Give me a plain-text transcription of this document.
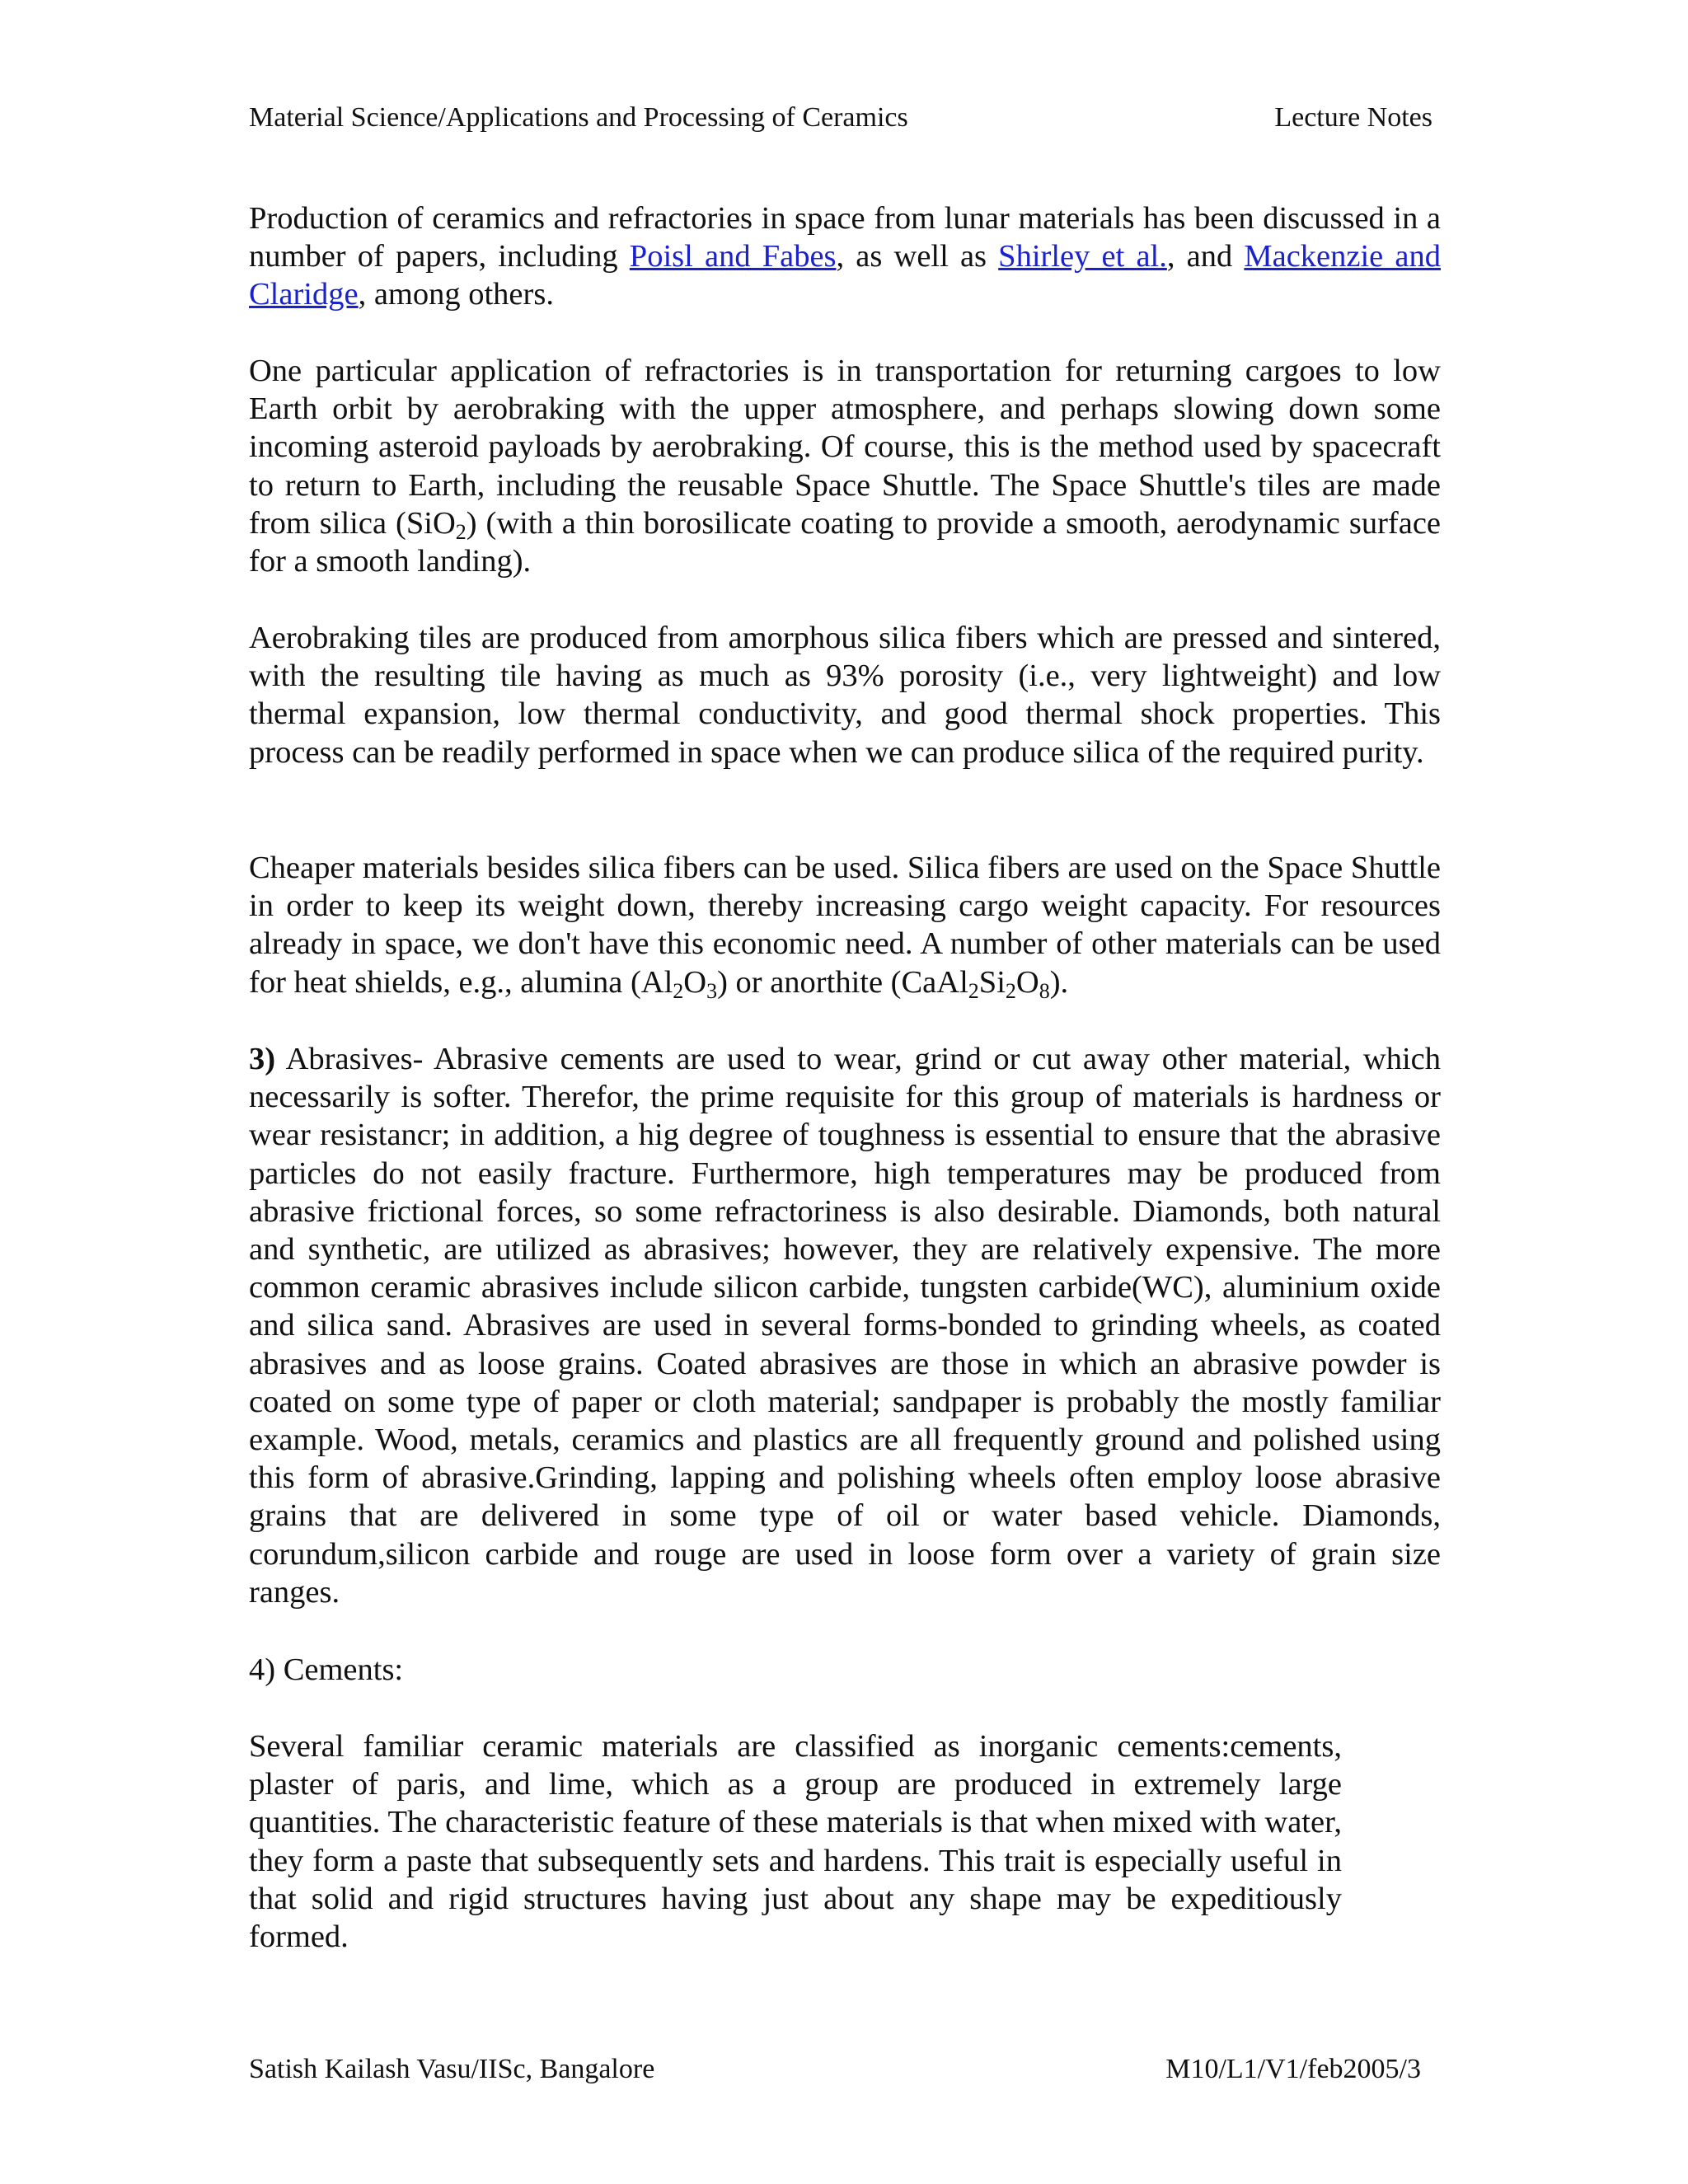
Material Science/Applications and Processing of Ceramics	Lecture Notes

Production of ceramics and refractories in space from lunar materials has been discussed in a number of papers, including Poisl and Fabes, as well as Shirley et al., and Mackenzie and Claridge, among others.

One particular application of refractories is in transportation for returning cargoes to low Earth orbit by aerobraking with the upper atmosphere, and perhaps slowing down some incoming asteroid payloads by aerobraking. Of course, this is the method used by spacecraft to return to Earth, including the reusable Space Shuttle. The Space Shuttle's tiles are made from silica (SiO$_2$) (with a thin borosilicate coating to provide a smooth, aerodynamic surface for a smooth landing).

Aerobraking tiles are produced from amorphous silica fibers which are pressed and sintered, with the resulting tile having as much as 93% porosity (i.e., very lightweight) and low thermal expansion, low thermal conductivity, and good thermal shock properties. This process can be readily performed in space when we can produce silica of the required purity.

Cheaper materials besides silica fibers can be used. Silica fibers are used on the Space Shuttle in order to keep its weight down, thereby increasing cargo weight capacity. For resources already in space, we don't have this economic need. A number of other materials can be used for heat shields, e.g., alumina $(Al_2O_3)$ or anorthite $(CaAl_2Si_2O_8)$.

3) Abrasives- Abrasive cements are used to wear, grind or cut away other material, which necessarily is softer. Therefor, the prime requisite for this group of materials is hardness or wear resistancr; in addition, a hig degree of toughness is essential to ensure that the abrasive particles do not easily fracture. Furthermore, high temperatures may be produced from abrasive frictional forces, so some refractoriness is also desirable. Diamonds, both natural and synthetic, are utilized as abrasives; however, they are relatively expensive. The more common ceramic abrasives include silicon carbide, tungsten carbide(WC), aluminium oxide and silica sand. Abrasives are used in several forms-bonded to grinding wheels, as coated abrasives and as loose grains. Coated abrasives are those in which an abrasive powder is coated on some type of paper or cloth material; sandpaper is probably the mostly familiar example. Wood, metals, ceramics and plastics are all frequently ground and polished using this form of abrasive.Grinding, lapping and polishing wheels often employ loose abrasive grains that are delivered in some type of oil or water based vehicle. Diamonds, corundum,silicon carbide and rouge are used in loose form over a variety of grain size ranges.

4) Cements:

Several familiar ceramic materials are classified as inorganic cements:cements, plaster of paris, and lime, which as a group are produced in extremely large quantities. The characteristic feature of these materials is that when mixed with water, they form a paste that subsequently sets and hardens. This trait is especially useful in that solid and rigid structures having just about any shape may be expeditiously formed.

Satish Kailash Vasu/IISc, Bangalore	M10/L1/V1/feb2005/3
